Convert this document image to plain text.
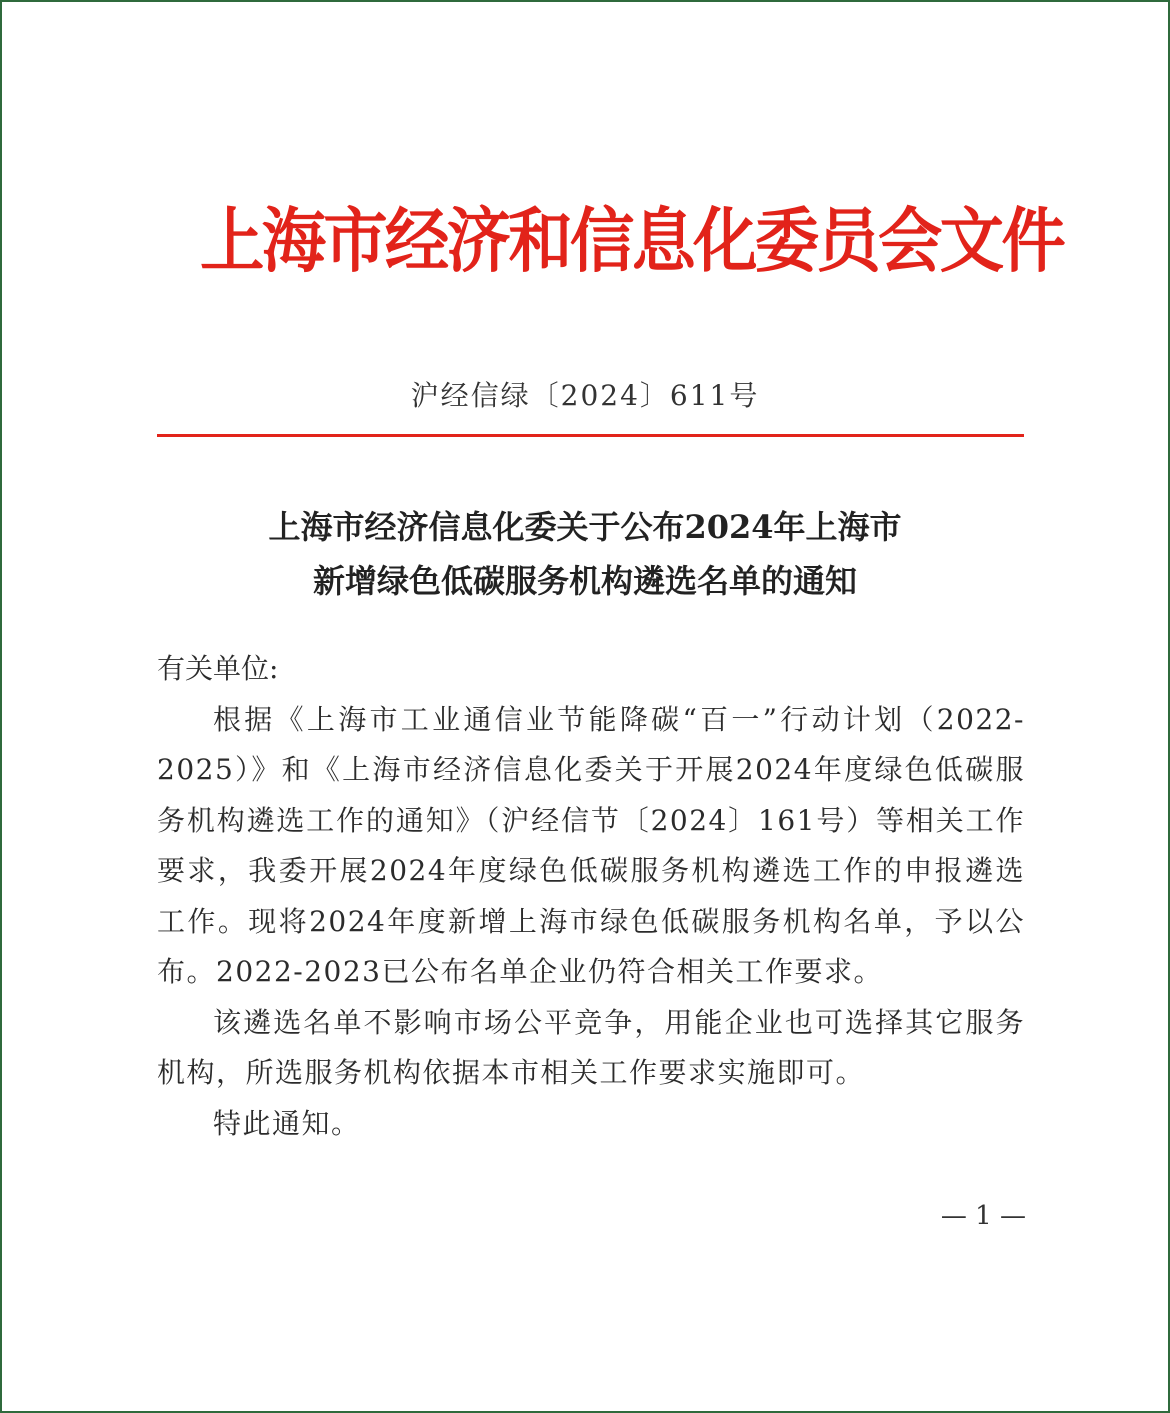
上海市经济和信息化委员会文件
沪经信绿〔2024〕611号
上海市经济信息化委关于公布2024年上海市
新增绿色低碳服务机构遴选名单的通知

有关单位:

根据《上海市工业通信业节能降碳“百一”行动计划（2022-2025）》和《上海市经济信息化委关于开展2024年度绿色低碳服务机构遴选工作的通知》（沪经信节〔2024〕161号）等相关工作要求，我委开展2024年度绿色低碳服务机构遴选工作的申报遴选工作。现将2024年度新增上海市绿色低碳服务机构名单，予以公布。2022-2023已公布名单企业仍符合相关工作要求。

该遴选名单不影响市场公平竞争，用能企业也可选择其它服务机构，所选服务机构依据本市相关工作要求实施即可。

特此通知。

— 1 —
